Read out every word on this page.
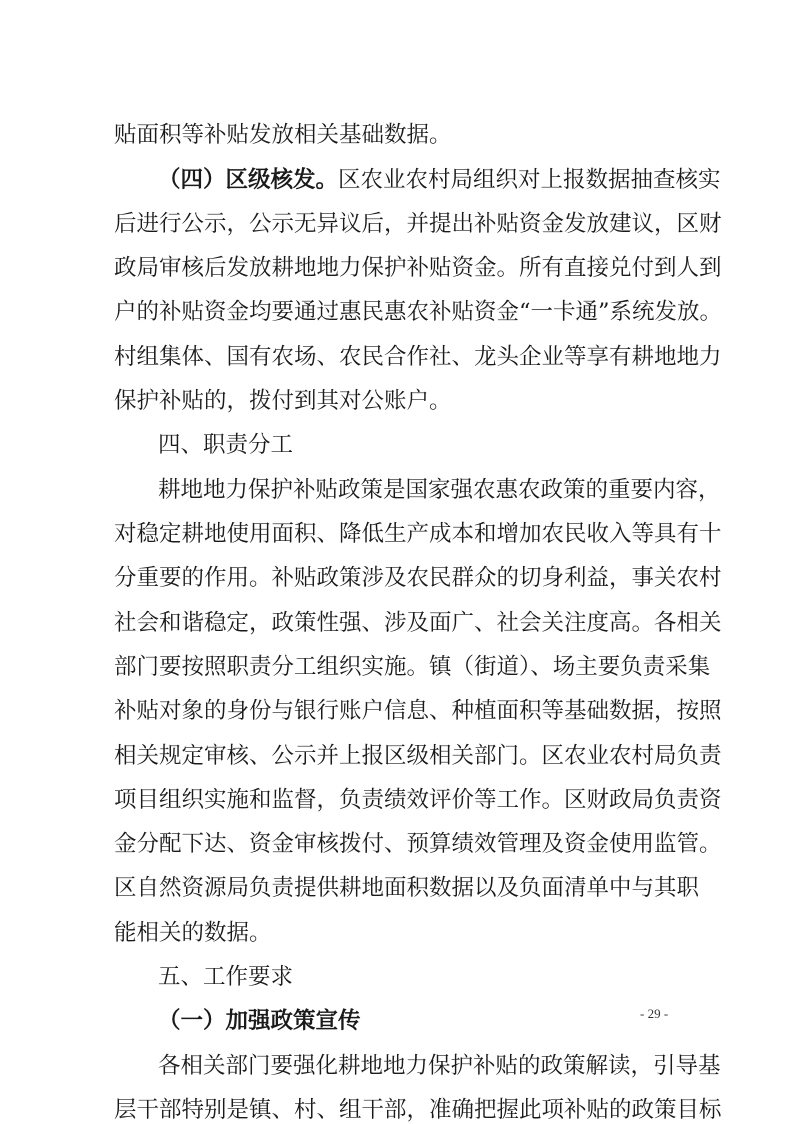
贴面积等补贴发放相关基础数据。
（四）区级核发。区农业农村局组织对上报数据抽查核实
后进行公示，公示无异议后，并提出补贴资金发放建议，区财
政局审核后发放耕地地力保护补贴资金。所有直接兑付到人到
户的补贴资金均要通过惠民惠农补贴资金“一卡通”系统发放。
村组集体、国有农场、农民合作社、龙头企业等享有耕地地力
保护补贴的，拨付到其对公账户。
四、职责分工
耕地地力保护补贴政策是国家强农惠农政策的重要内容，
对稳定耕地使用面积、降低生产成本和增加农民收入等具有十
分重要的作用。补贴政策涉及农民群众的切身利益，事关农村
社会和谐稳定，政策性强、涉及面广、社会关注度高。各相关
部门要按照职责分工组织实施。镇（街道）、场主要负责采集
补贴对象的身份与银行账户信息、种植面积等基础数据，按照
相关规定审核、公示并上报区级相关部门。区农业农村局负责
项目组织实施和监督，负责绩效评价等工作。区财政局负责资
金分配下达、资金审核拨付、预算绩效管理及资金使用监管。
区自然资源局负责提供耕地面积数据以及负面清单中与其职
能相关的数据。
五、工作要求
（一）加强政策宣传
各相关部门要强化耕地地力保护补贴的政策解读，引导基
层干部特别是镇、村、组干部，准确把握此项补贴的政策目标
- 29 -
